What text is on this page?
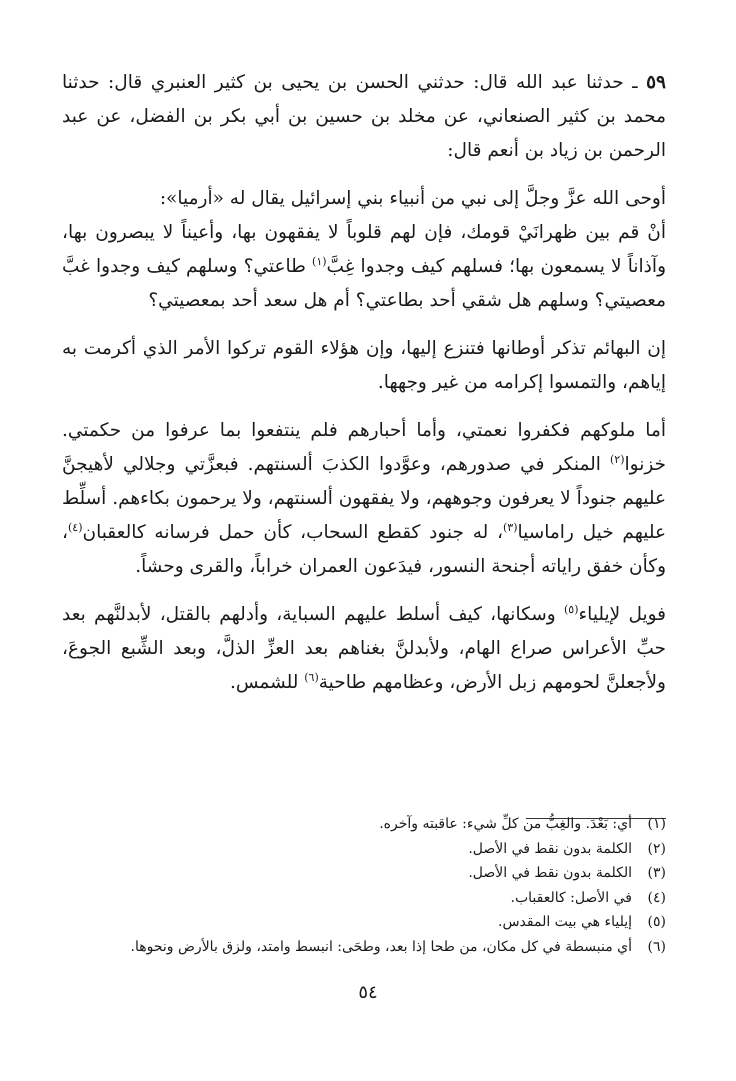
٥٩ ـ حدثنا عبد الله قال: حدثني الحسن بن يحيى بن كثير العنبري قال: حدثنا محمد بن كثير الصنعاني، عن مخلد بن حسين بن أبي بكر بن الفضل، عن عبد الرحمن بن زياد بن أنعم قال:

أوحى الله عزَّ وجلَّ إلى نبي من أنبياء بني إسرائيل يقال له «أرميا»:
أنْ قم بين ظهرانَيْ قومك، فإن لهم قلوباً لا يفقهون بها، وأعيناً لا يبصرون بها، وآذاناً لا يسمعون بها؛ فسلهم كيف وجدوا غِبَّ$^{(١)}$ طاعتي؟ وسلهم كيف وجدوا غبَّ معصيتي؟ وسلهم هل شقي أحد بطاعتي؟ أم هل سعد أحد بمعصيتي؟

إن البهائم تذكر أوطانها فتنزع إليها، وإن هؤلاء القوم تركوا الأمر الذي أكرمت به إياهم، والتمسوا إكرامه من غير وجهها.

أما ملوكهم فكفروا نعمتي، وأما أحبارهم فلم ينتفعوا بما عرفوا من حكمتي. خزنوا$^{(٢)}$ المنكر في صدورهم، وعوَّدوا الكذبَ ألسنتهم. فبعزَّتي وجلالي لأهيجنَّ عليهم جنوداً لا يعرفون وجوههم، ولا يفقهون ألسنتهم، ولا يرحمون بكاءهم. أسلِّط عليهم خيل راماسيا$^{(٣)}$، له جنود كقطع السحاب، كأن حمل فرسانه كالعقبان$^{(٤)}$، وكأن خفق راياته أجنحة النسور، فيدَعون العمران خراباً، والقرى وحشاً.

فويل لإيلياء$^{(٥)}$ وسكانها، كيف أسلط عليهم السباية، وأدلهم بالقتل، لأبدلنَّهم بعد حبِّ الأعراس صراع الهام، ولأبدلنَّ بغناهم بعد العزِّ الذلَّ، وبعد الشِّبع الجوعَ، ولأجعلنَّ لحومهم زبل الأرض، وعظامهم طاحية$^{(٦)}$ للشمس.

(١)أي: بَعْدَ. والغِبُّ من كلِّ شيء: عاقبته وآخره.
(٢)الكلمة بدون نقط في الأصل.
(٣)الكلمة بدون نقط في الأصل.
(٤)في الأصل: كالعقباب.
(٥)إيلياء هي بيت المقدس.
(٦)أي منبسطة في كل مكان، من طحا إذا بعد، وطحَى: انبسط وامتد، ولزق بالأرض ونحوها.
٥٤
